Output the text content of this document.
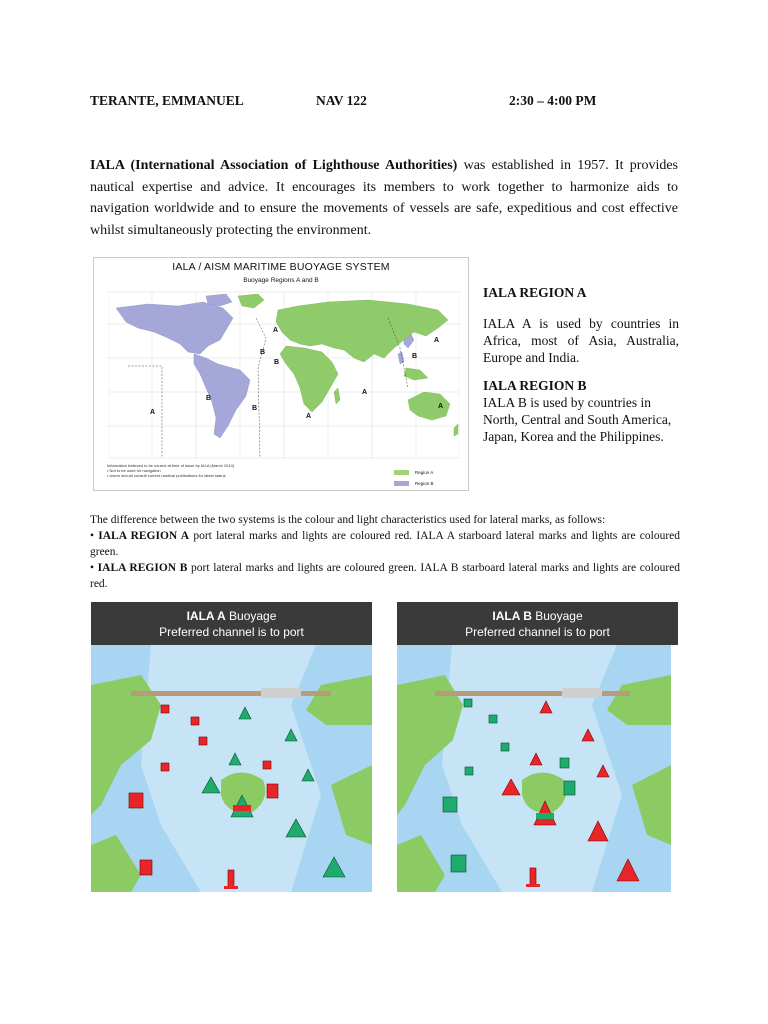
TERANTE, EMMANUEL	NAV 122	2:30 – 4:00 PM

IALA (International Association of Lighthouse Authorities) was established in 1957. It provides nautical expertise and advice. It encourages its members to work together to harmonize aids to navigation worldwide and to ensure the movements of vessels are safe, expeditious and cost effective whilst simultaneously protecting the environment.

IALA / AISM MARITIME BUOYAGE SYSTEM
Buoyage Regions A and B
A
B
B
A
B
A
B
A
B
A
A
Information believed to be correct at time of issue by IALA (March 2010).
• Not to be used for navigation
• Users should consult current nautical publications for latest status
Region A
Region B
IALA REGION A
IALA A is used by countries in Africa, most of Asia, Australia, Europe and India.
IALA REGION B
IALA B is used by countries in North, Central and South America, Japan, Korea and the Philippines.

The difference between the two systems is the colour and light characteristics used for lateral marks, as follows:

• IALA REGION A port lateral marks and lights are coloured red. IALA A starboard lateral marks and lights are coloured green.

• IALA REGION B port lateral marks and lights are coloured green. IALA B starboard lateral marks and lights are coloured red.

IALA A Buoyage
Preferred channel is to port
IALA B Buoyage
Preferred channel is to port
